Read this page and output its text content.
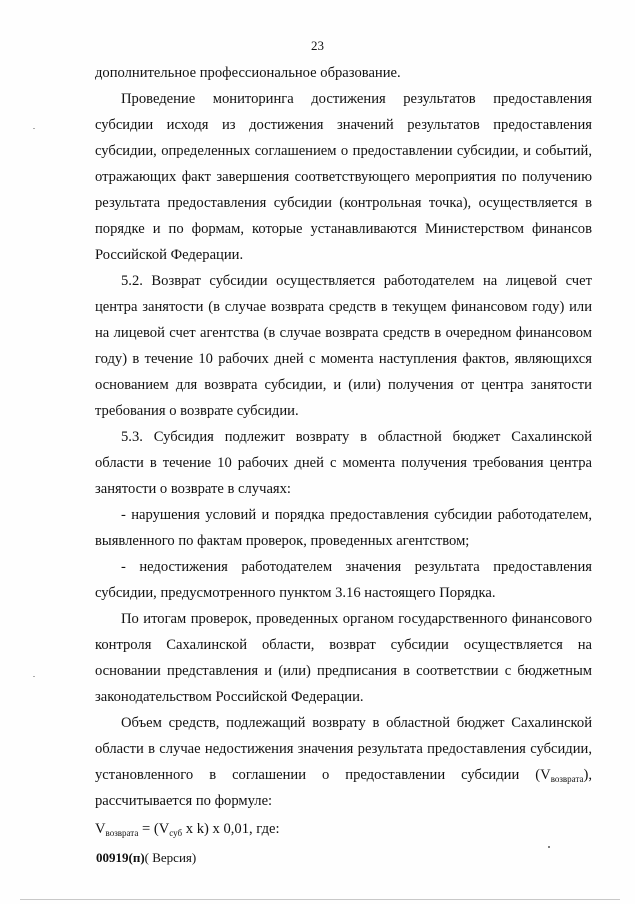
23

дополнительное профессиональное образование.

Проведение мониторинга достижения результатов предоставления субсидии исходя из достижения значений результатов предоставления субсидии, определенных соглашением о предоставлении субсидии, и событий, отражающих факт завершения соответствующего мероприятия по получению результата предоставления субсидии (контрольная точка), осуществляется в порядке и по формам, которые устанавливаются Министерством финансов Российской Федерации.

5.2. Возврат субсидии осуществляется работодателем на лицевой счет центра занятости (в случае возврата средств в текущем финансовом году) или на лицевой счет агентства (в случае возврата средств в очередном финансовом году) в течение 10 рабочих дней с момента наступления фактов, являющихся основанием для возврата субсидии, и (или) получения от центра занятости требования о возврате субсидии.

5.3. Субсидия подлежит возврату в областной бюджет Сахалинской области в течение 10 рабочих дней с момента получения требования центра занятости о возврате в случаях:

- нарушения условий и порядка предоставления субсидии работодателем, выявленного по фактам проверок, проведенных агентством;

- недостижения работодателем значения результата предоставления субсидии, предусмотренного пунктом 3.16 настоящего Порядка.

По итогам проверок, проведенных органом государственного финансового контроля Сахалинской области, возврат субсидии осуществляется на основании представления и (или) предписания в соответствии с бюджетным законодательством Российской Федерации.

Объем средств, подлежащий возврату в областной бюджет Сахалинской области в случае недостижения значения результата предоставления субсидии, установленного в соглашении о предоставлении субсидии $(V_{возврата})$, рассчитывается по формуле:

$V_{возврата} = (V_{суб}$ х k) х 0,01, где:

00919(п)( Версия)
